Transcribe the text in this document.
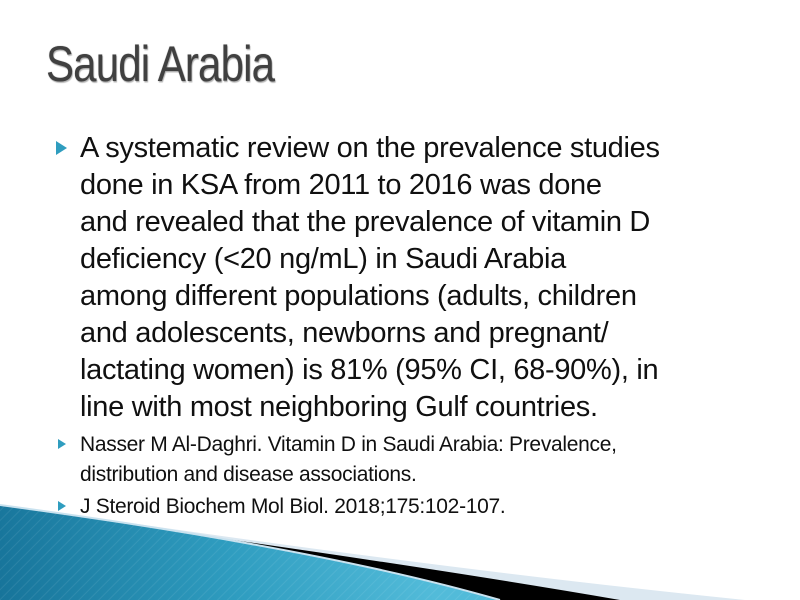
Saudi Arabia
A systematic review on the prevalence studies
done in KSA from 2011 to 2016 was done
and revealed that the prevalence of vitamin D
deficiency (<20 ng/mL) in Saudi Arabia
among different populations (adults, children
and adolescents, newborns and pregnant/
lactating women) is 81% (95% CI, 68-90%), in
line with most neighboring Gulf countries.
Nasser M Al-Daghri. Vitamin D in Saudi Arabia: Prevalence,
distribution and disease associations.
J Steroid Biochem Mol Biol. 2018;175:102-107.
